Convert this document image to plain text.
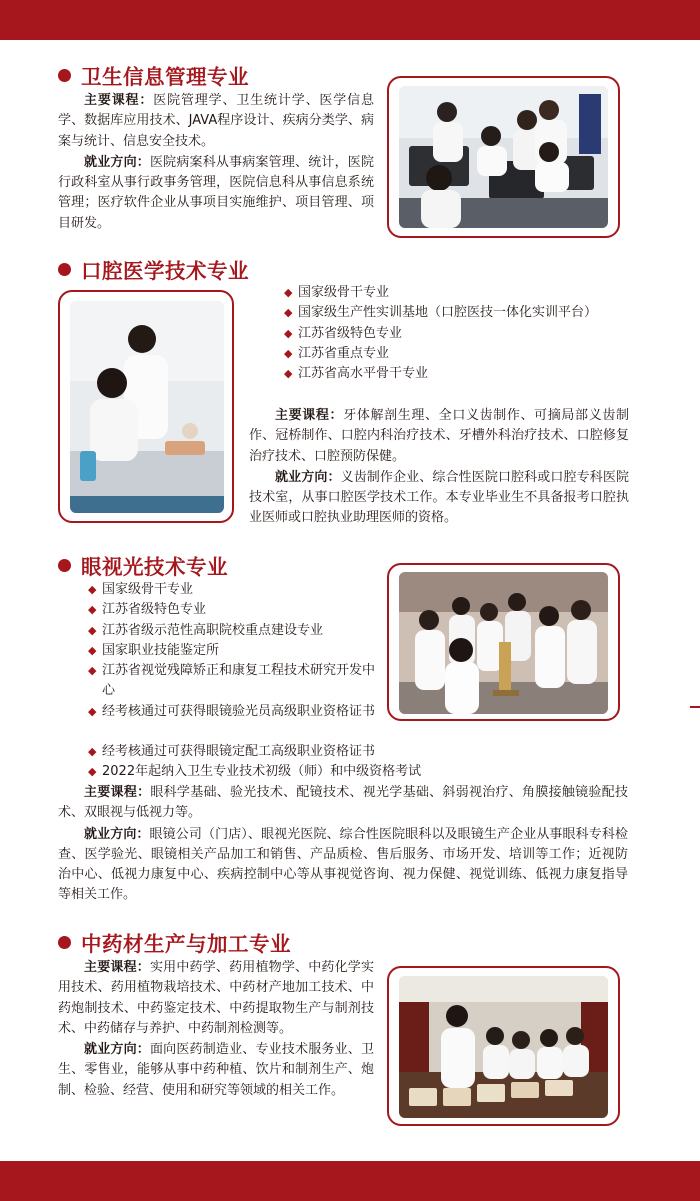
卫生信息管理专业

主要课程：医院管理学、卫生统计学、医学信息学、数据库应用技术、JAVA程序设计、疾病分类学、病案与统计、信息安全技术。

就业方向：医院病案科从事病案管理、统计，医院行政科室从事行政事务管理，医院信息科从事信息系统管理；医疗软件企业从事项目实施维护、项目管理、项目研发。

口腔医学技术专业
◆ 国家级骨干专业
◆ 国家级生产性实训基地（口腔医技一体化实训平台）
◆ 江苏省级特色专业
◆ 江苏省重点专业
◆ 江苏省高水平骨干专业

主要课程：牙体解剖生理、全口义齿制作、可摘局部义齿制作、冠桥制作、口腔内科治疗技术、牙槽外科治疗技术、口腔修复治疗技术、口腔预防保健。

就业方向：义齿制作企业、综合性医院口腔科或口腔专科医院技术室，从事口腔医学技术工作。本专业毕业生不具备报考口腔执业医师或口腔执业助理医师的资格。

眼视光技术专业
◆ 国家级骨干专业
◆ 江苏省级特色专业
◆ 江苏省级示范性高职院校重点建设专业
◆ 国家职业技能鉴定所
◆ 江苏省视觉残障矫正和康复工程技术研究开发中心
◆ 经考核通过可获得眼镜验光员高级职业资格证书
◆ 经考核通过可获得眼镜定配工高级职业资格证书
◆ 2022年起纳入卫生专业技术初级（师）和中级资格考试

主要课程：眼科学基础、验光技术、配镜技术、视光学基础、斜弱视治疗、角膜接触镜验配技术、双眼视与低视力等。

就业方向：眼镜公司（门店）、眼视光医院、综合性医院眼科以及眼镜生产企业从事眼科专科检查、医学验光、眼镜相关产品加工和销售、产品质检、售后服务、市场开发、培训等工作；近视防治中心、低视力康复中心、疾病控制中心等从事视觉咨询、视力保健、视觉训练、低视力康复指导等相关工作。

中药材生产与加工专业

主要课程：实用中药学、药用植物学、中药化学实用技术、药用植物栽培技术、中药材产地加工技术、中药炮制技术、中药鉴定技术、中药提取物生产与制剂技术、中药储存与养护、中药制剂检测等。

就业方向：面向医药制造业、专业技术服务业、卫生、零售业，能够从事中药种植、饮片和制剂生产、炮制、检验、经营、使用和研究等领域的相关工作。
